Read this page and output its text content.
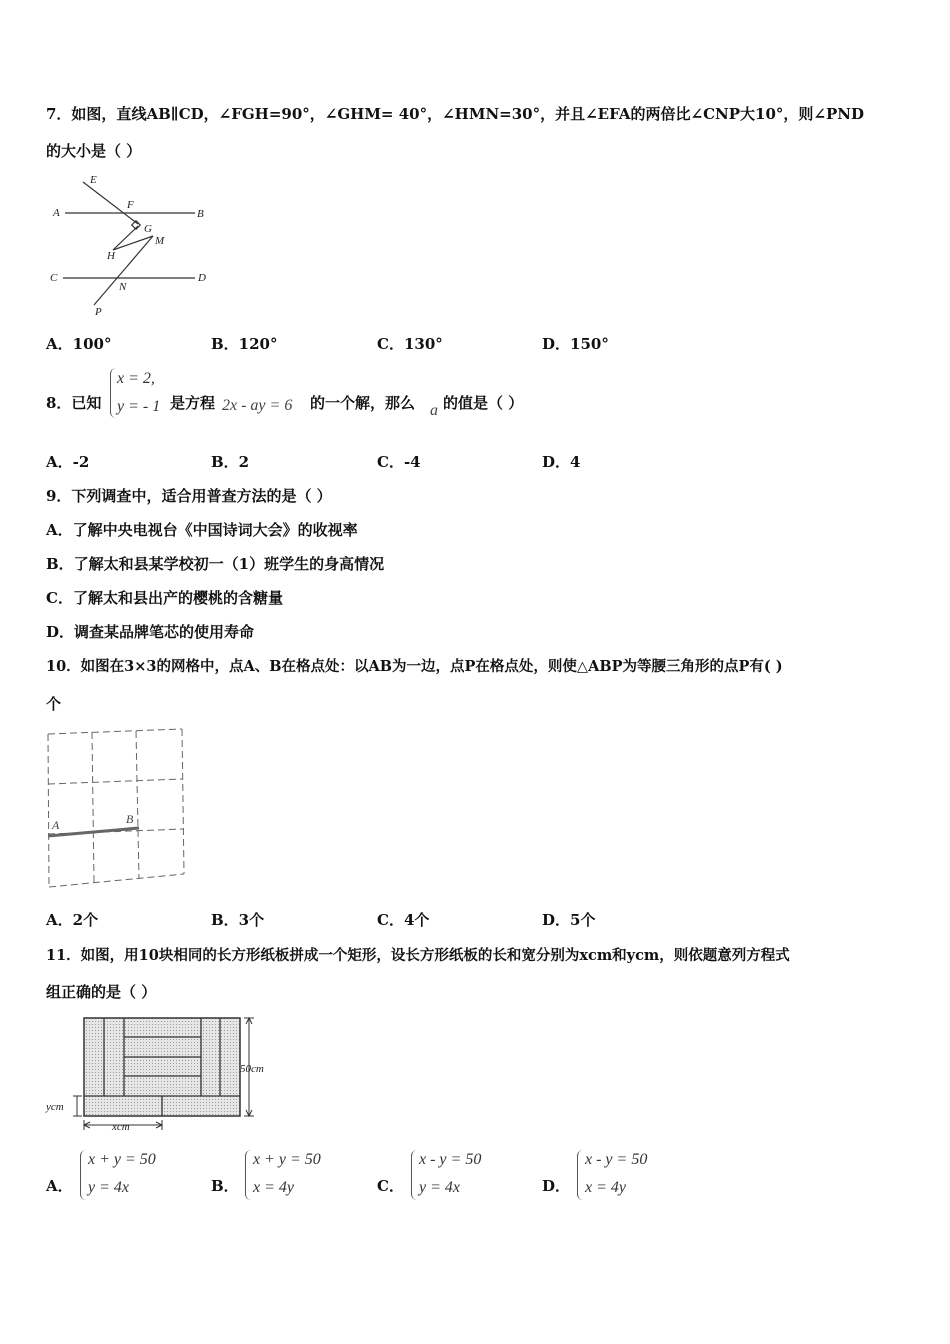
7．如图，直线AB∥CD，∠FGH=90°，∠GHM= 40°，∠HMN=30°，并且∠EFA的两倍比∠CNP大10°，则∠PND
的大小是（ ）
E
F
A	B
G
M
H
C	D
N
P
A．100°	B．120°	C．130°	D．150°
8．已知
x = 2,
y = - 1 是方程 2x - ay = 6 的一个解，那么 a 的值是（ ）
A．-2	B．2	C．-4	D．4
9．下列调查中，适合用普查方法的是（ ）
A．了解中央电视台《中国诗词大会》的收视率
B．了解太和县某学校初一（1）班学生的身高情况
C．了解太和县出产的樱桃的含糖量
D．调查某品牌笔芯的使用寿命
10．如图在3×3的网格中，点A、B在格点处：以AB为一边，点P在格点处，则使△ABP为等腰三角形的点P有( )
个
A	B
A．2个	B．3个	C．4个	D．5个
11．如图，用10块相同的长方形纸板拼成一个矩形，设长方形纸板的长和宽分别为xcm和ycm，则依题意列方程式
组正确的是（ ）
50cm
ycm
xcm
A．
x + y = 50
y = 4x	B．
x + y = 50
x = 4y	C．
x - y = 50
y = 4x	D．
x - y = 50
x = 4y
